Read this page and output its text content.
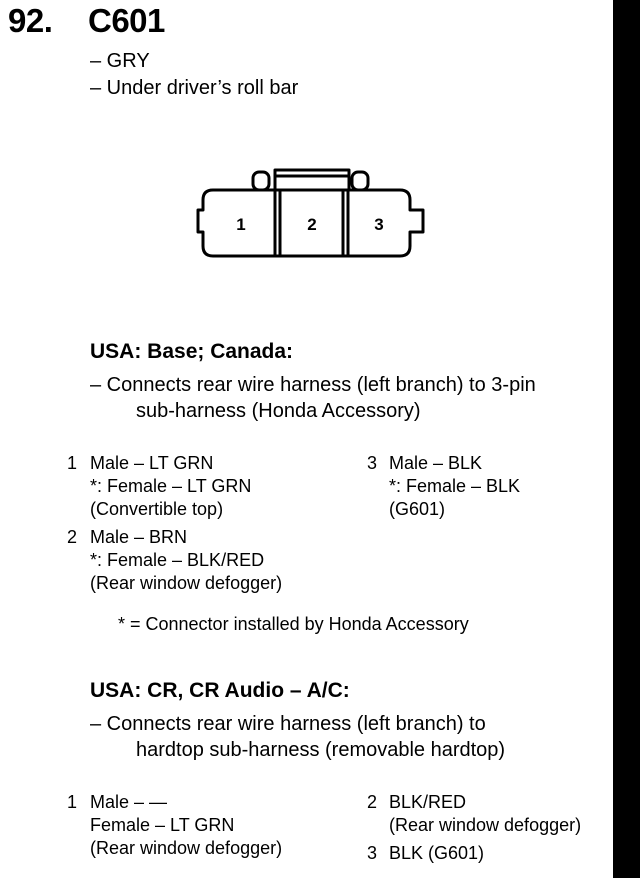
92. C601
– GRY
– Under driver’s roll bar
1	2	3
USA: Base; Canada:
– Connects rear wire harness (left branch) to 3-pin
sub-harness (Honda Accessory)
1 Male – LT GRN
*: Female – LT GRN
(Convertible top)
2 Male – BRN
*: Female – BLK/RED
(Rear window defogger)
3 Male – BLK
*: Female – BLK
(G601)
* = Connector installed by Honda Accessory
USA: CR, CR Audio – A/C:
– Connects rear wire harness (left branch) to
hardtop sub-harness (removable hardtop)
1 Male – —
Female – LT GRN
(Rear window defogger)
2 BLK/RED
(Rear window defogger)
3 BLK (G601)
